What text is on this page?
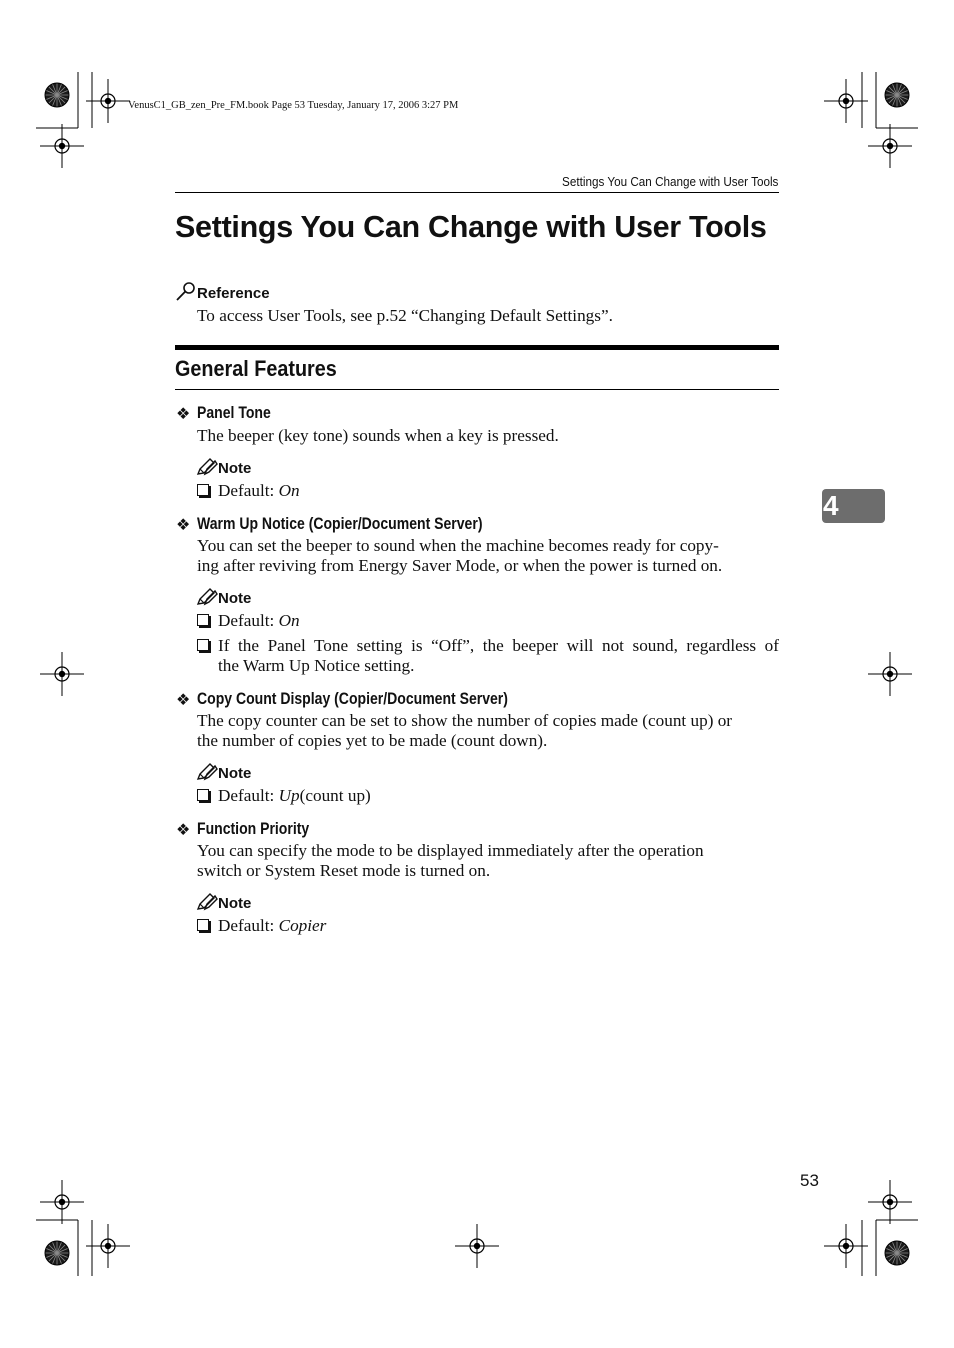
VenusC1_GB_zen_Pre_FM.book Page 53 Tuesday, January 17, 2006 3:27 PM
Settings You Can Change with User Tools
Settings You Can Change with User Tools
Reference
To access User Tools, see p.52 “Changing Default Settings”.
General Features
❖ Panel Tone
The beeper (key tone) sounds when a key is pressed.
Note
Default: On
❖ Warm Up Notice (Copier/Document Server)
You can set the beeper to sound when the machine becomes ready for copy-
ing after reviving from Energy Saver Mode, or when the power is turned on.
Note
Default: On
If the Panel Tone setting is “Off”, the beeper will not sound, regardless of
the Warm Up Notice setting.
❖ Copy Count Display (Copier/Document Server)
The copy counter can be set to show the number of copies made (count up) or
the number of copies yet to be made (count down).
Note
Default: Up(count up)
❖ Function Priority
You can specify the mode to be displayed immediately after the operation
switch or System Reset mode is turned on.
Note
Default: Copier
4
53
